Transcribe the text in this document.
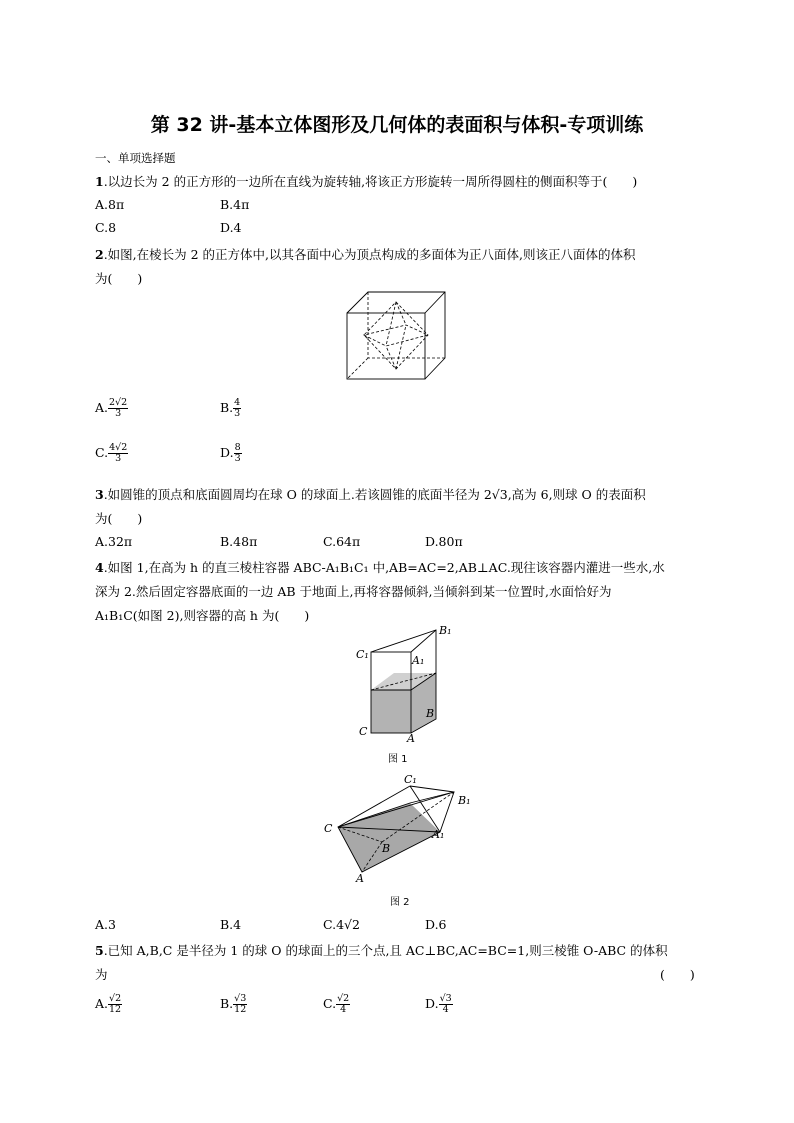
第 32 讲-基本立体图形及几何体的表面积与体积-专项训练
一、单项选择题
1.以边长为 2 的正方形的一边所在直线为旋转轴,将该正方形旋转一周所得圆柱的侧面积等于(　　)
A.8π	B.4π
C.8	D.4
2.如图,在棱长为 2 的正方体中,以其各面中心为顶点构成的多面体为正八面体,则该正八面体的体积
为(　　)
A. $\frac{2√2}{3}$	B. $\frac{4}{3}$
C. $\frac{4√2}{3}$	D. $\frac{8}{3}$
3.如圆锥的顶点和底面圆周均在球 O 的球面上.若该圆锥的底面半径为 2√3,高为 6,则球 O 的表面积
为(　　)
A.32π	B.48π	C.64π	D.80π
4.如图 1,在高为 h 的直三棱柱容器 ABC-A₁B₁C₁ 中,AB=AC=2,AB⊥AC.现往该容器内灌进一些水,水
深为 2.然后固定容器底面的一边 AB 于地面上,再将容器倾斜,当倾斜到某一位置时,水面恰好为
A₁B₁C(如图 2),则容器的高 h 为(　　)
C₁
B₁
A₁
C
B
A
图 1
C₁
B₁
A₁
C
B
A
图 2
A.3	B.4	C.4√2	D.6
5.已知 A,B,C 是半径为 1 的球 O 的球面上的三个点,且 AC⊥BC,AC=BC=1,则三棱锥 O-ABC 的体积
为	(　　)
A. $\frac{√2}{12}$	B. $\frac{√3}{12}$	C. $\frac{√2}{4}$	D. $\frac{√3}{4}$
